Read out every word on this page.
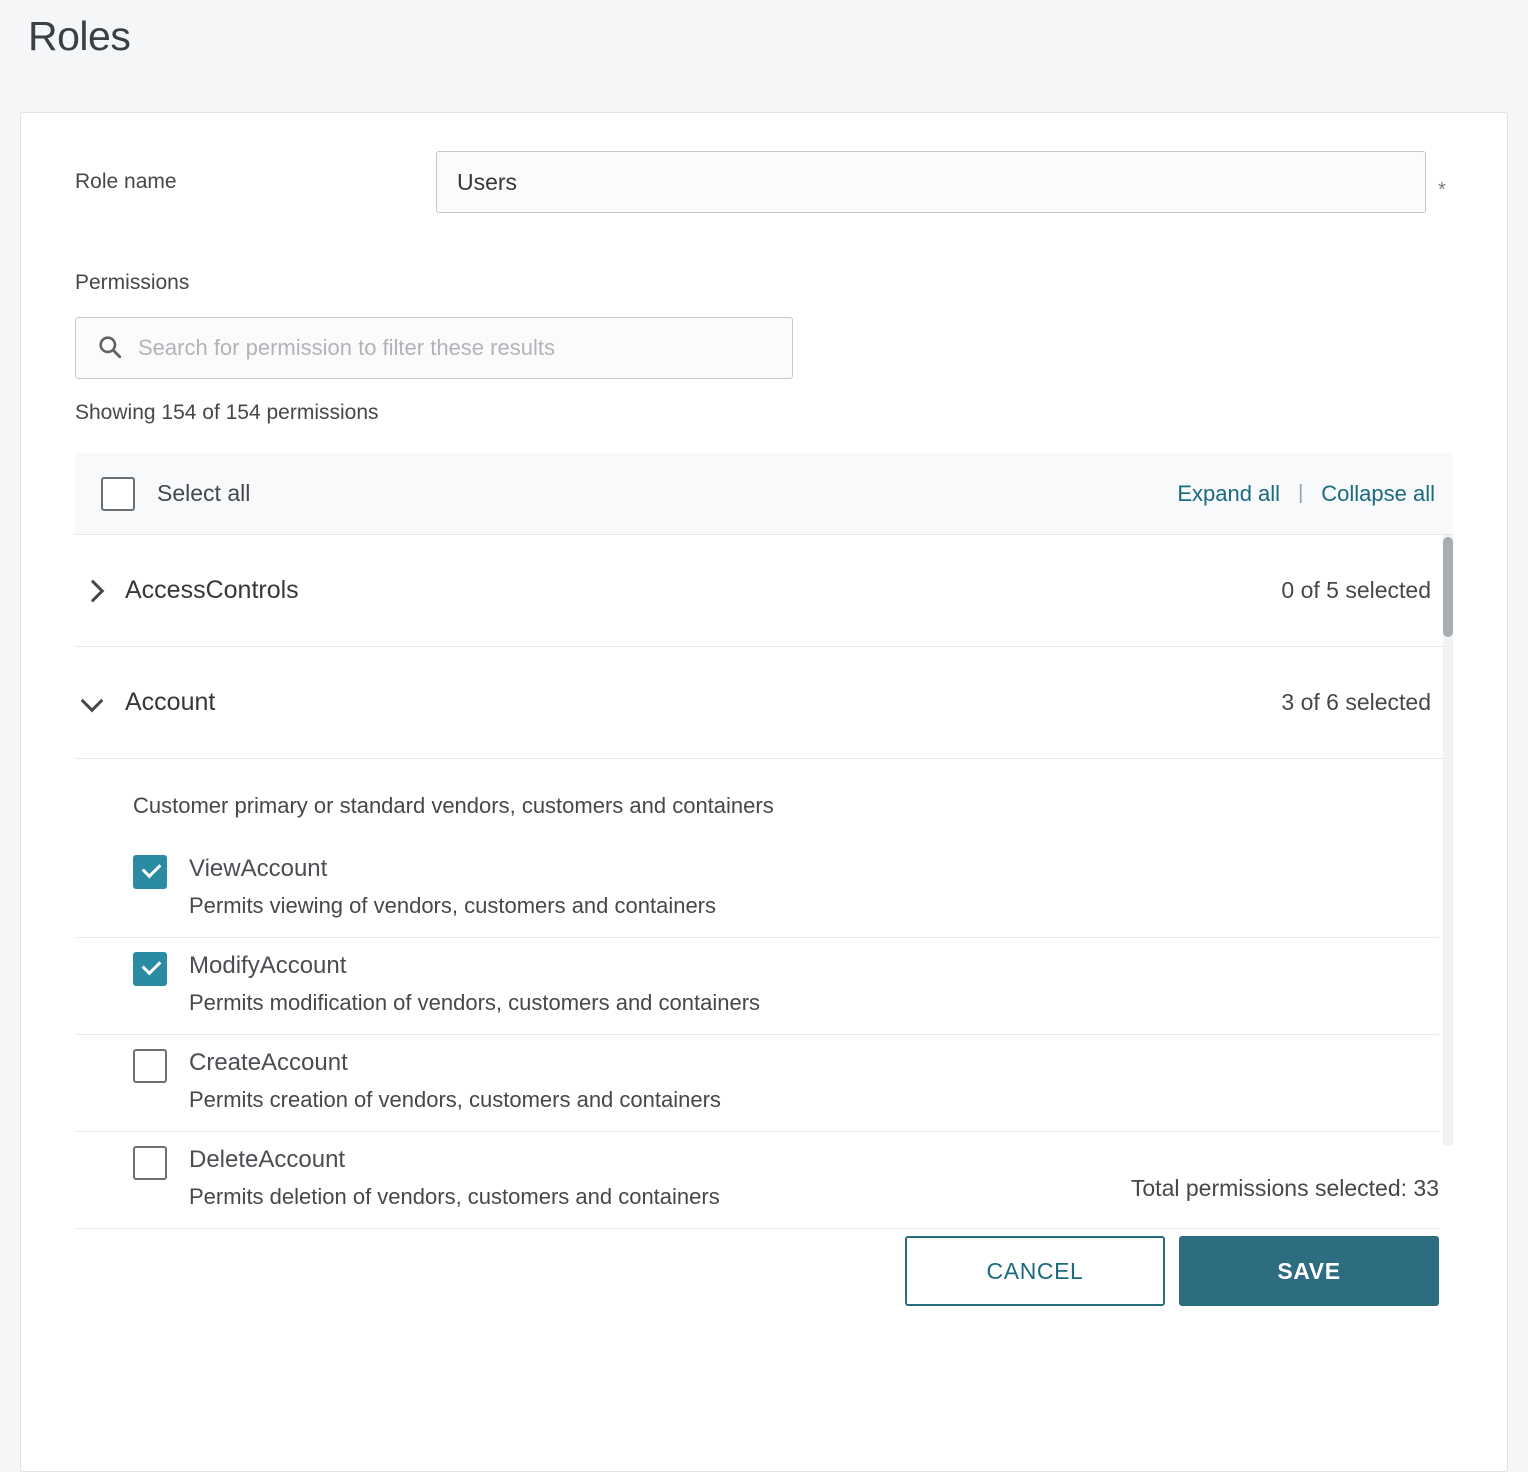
Roles
Role name
Users	*
Permissions
Search for permission to filter these results
Showing 154 of 154 permissions
Select all	Expand all | Collapse all
AccessControls	0 of 5 selected
Account	3 of 6 selected
Customer primary or standard vendors, customers and containers
ViewAccount
Permits viewing of vendors, customers and containers
ModifyAccount
Permits modification of vendors, customers and containers
CreateAccount
Permits creation of vendors, customers and containers
DeleteAccount
Permits deletion of vendors, customers and containers	Total permissions selected: 33
CANCEL	SAVE
